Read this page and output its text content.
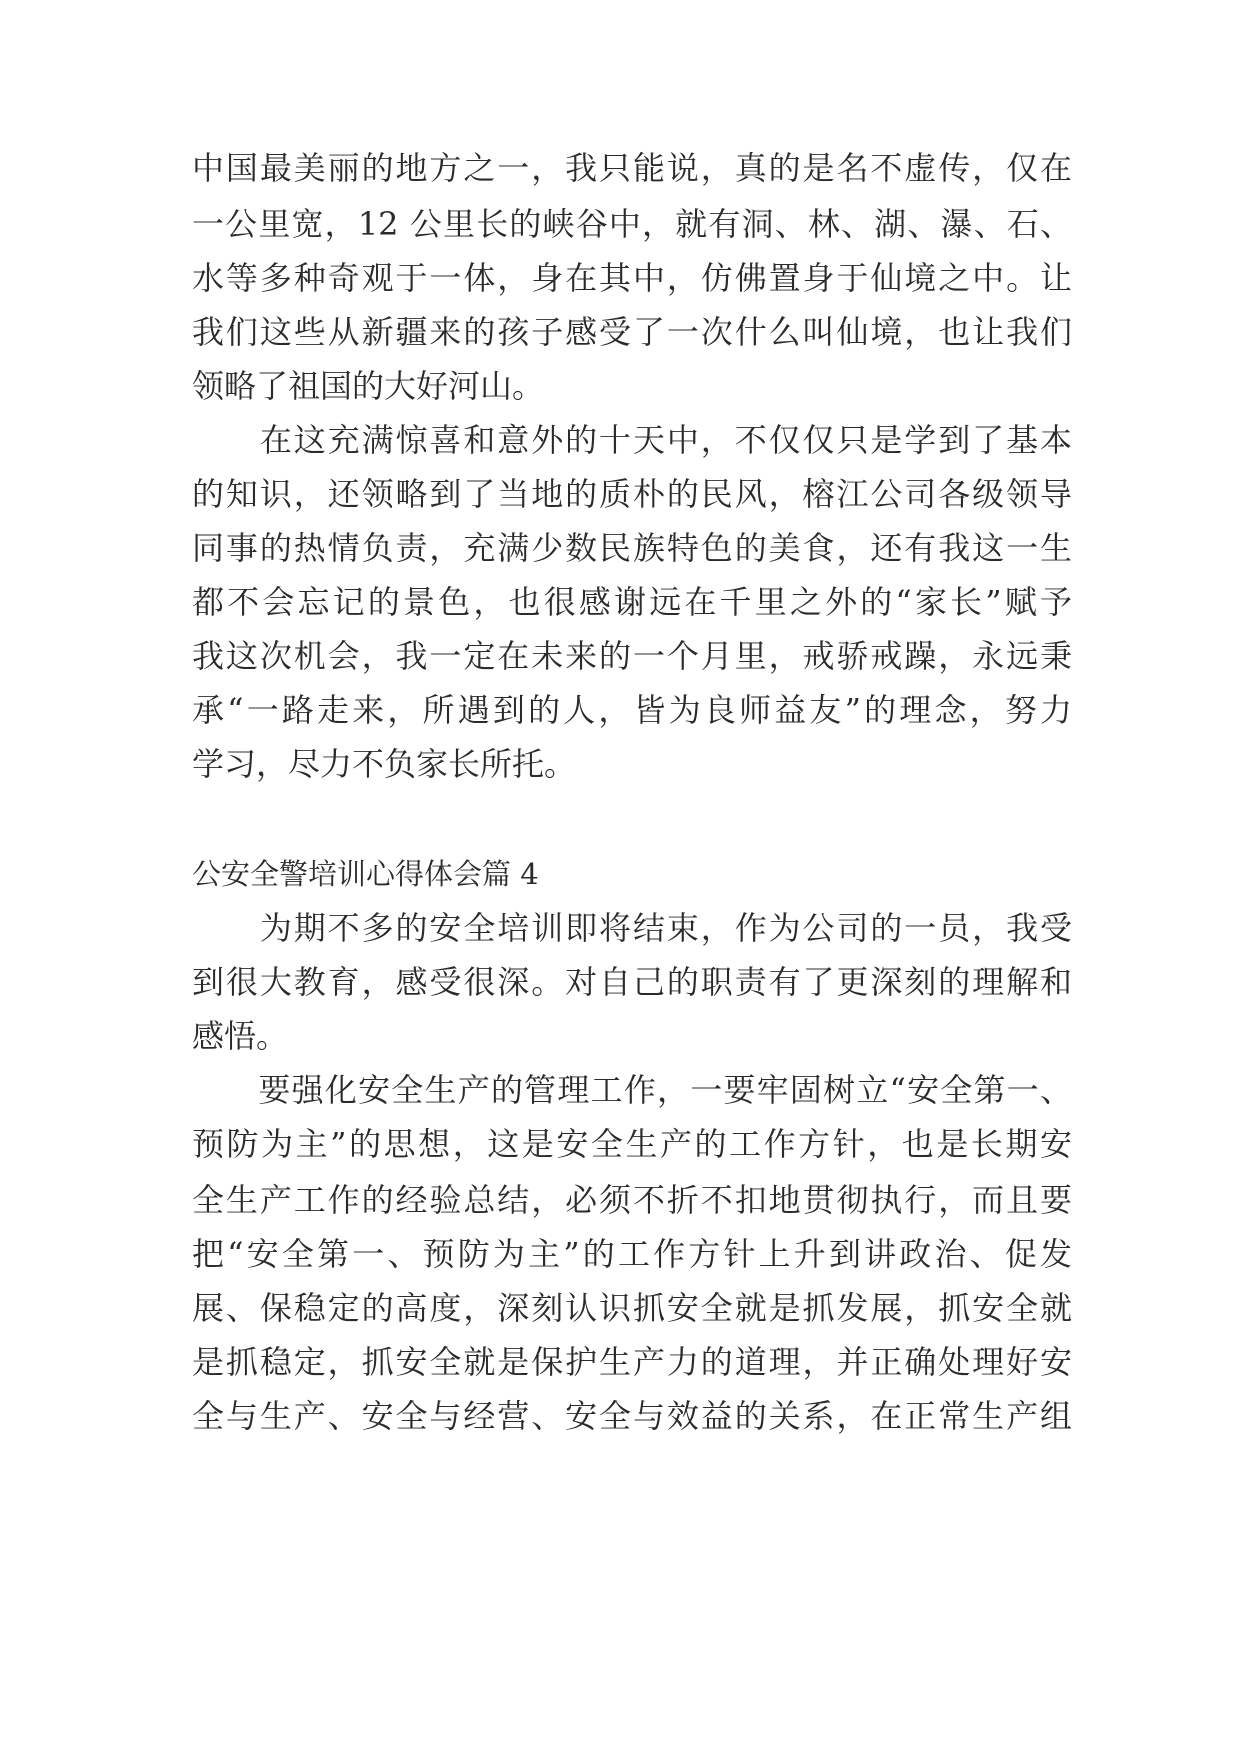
中国最美丽的地方之一，我只能说，真的是名不虚传，仅在
一公里宽，12 公里长的峡谷中，就有洞、林、湖、瀑、石、
水等多种奇观于一体，身在其中，仿佛置身于仙境之中。让
我们这些从新疆来的孩子感受了一次什么叫仙境，也让我们
领略了祖国的大好河山。
　　在这充满惊喜和意外的十天中，不仅仅只是学到了基本
的知识，还领略到了当地的质朴的民风，榕江公司各级领导
同事的热情负责，充满少数民族特色的美食，还有我这一生
都不会忘记的景色，也很感谢远在千里之外的“家长”赋予
我这次机会，我一定在未来的一个月里，戒骄戒躁，永远秉
承“一路走来，所遇到的人，皆为良师益友”的理念，努力
学习，尽力不负家长所托。
公安全警培训心得体会篇 4
　　为期不多的安全培训即将结束，作为公司的一员，我受
到很大教育，感受很深。对自己的职责有了更深刻的理解和
感悟。
　　要强化安全生产的管理工作，一要牢固树立“安全第一、
预防为主”的思想，这是安全生产的工作方针，也是长期安
全生产工作的经验总结，必须不折不扣地贯彻执行，而且要
把“安全第一、预防为主”的工作方针上升到讲政治、促发
展、保稳定的高度，深刻认识抓安全就是抓发展，抓安全就
是抓稳定，抓安全就是保护生产力的道理，并正确处理好安
全与生产、安全与经营、安全与效益的关系，在正常生产组
